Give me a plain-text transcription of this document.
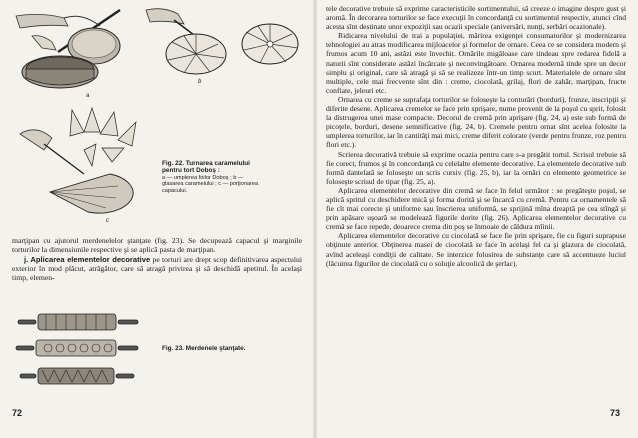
a
b
c
Fig. 22. Turnarea caramelului pentru tort Doboş :
a — umplerea foilor Doboş ; b — glasarea caramelului ; c — porţionarea capacului.

marţipan cu ajutorul merdenelelor ştanţate (fig. 23). Se decupează capacul şi marginile torturilor la dimensiunile respective şi se aplică pasta de marţipan.

j. Aplicarea elementelor decorative pe torturi are drept scop definitivarea aspectului exterior în mod plăcut, atrăgător, care să atragă privirea şi să deschidă apetitul. În acelaşi timp, elemen-

Fig. 23. Merdenele ştanţate.
72

tele decorative trebuie să exprime caracteristicile sortimentului, să creeze o imagine despre gust şi aromă. În decorarea torturilor se face execuţii în concordanţă cu sortimentul respectiv, atunci cînd acesta sînt destinate unor expoziţii sau ocazii speciale (aniversări, nunţi, serbări ocazionale).

Ridicarea nivelului de trai a populaţiei, mărirea exigenţei consumatorilor şi modernizarea tehnologiei au atras modificarea mijloacelor şi formelor de ornare. Ceea ce se considera modern şi frumos acum 10 ani, astăzi este învechit. Ornările migăloase care tindeau spre redarea fidelă a naturii sînt considerate astăzi încărcate şi neconvingătoare. Ornarea modernă tinde spre un decor simplu şi original, care să atragă şi să se realizeze într-un timp scurt. Materialele de ornare sînt multiple, cele mai frecvente sînt din : creme, ciocolată, grilaj, flori de zahăr, marţipan, fructe confiate, jeleuri etc.

Ornarea cu creme se suprafaţa torturilor se foloseşte la conturări (borduri), frunze, inscripţii şi diferite desene. Aplicarea cremelor se face prin sprişare, nume provenit de la poşul cu sprit, folosit la distrugerea unei mase compacte. Decorul de cremă prin aprişare (fig. 24, a) este sub formă de picoţele, borduri, desene semnificative (fig. 24, b). Cremele pentru ornat sînt acelea folosite la umplerea torturilor, iar în cantităţi mai mici, creme diferit colorate (verde pentru frunze, roz pentru flori etc.).

Scrierea decorativă trebuie să exprime ocazia pentru care s-a pregătit tortul. Scrisul trebuie să fie corect, frumos şi în concordanţă cu celelalte elemente decorative. La elementele decorative sub formă dantelată se foloseşte un scris cursiv (fig. 25, b), iar la ornări cu elemente geometrice se foloseşte scrisul de tipar (fig. 25, a).

Aplicarea elementelor decorative din cremă se face în felul următor : se pregăteşte poşul, se aplică spritul cu deschidere mică şi forma dorită şi se încarcă cu cremă. Pentru ca ornamentele să fie cît mai corecte şi uniforme sau înscrierea uniformă, se sprijină mîna dreaptă pe cea stîngă şi prin apăsare uşoară se modelează figurile dorite (fig. 26). Aplicarea elementelor decorative cu cremă se face repede, deoarece crema din poş se înmoaie de căldura mîinii.

Aplicarea elementelor decorative cu ciocolată se face fie prin sprişare, fie cu figuri suprapuse obţinute anterior. Obţinerea masei de ciocolată se face în acelaşi fel ca şi glazura de ciocolată, avînd aceleaşi condiţii de calitate. Se interzice folosirea de substanţe care să accentueze luciul (lăcuirea figurilor de ciocolată cu o soluţie alcoolică de şerlac).

73
